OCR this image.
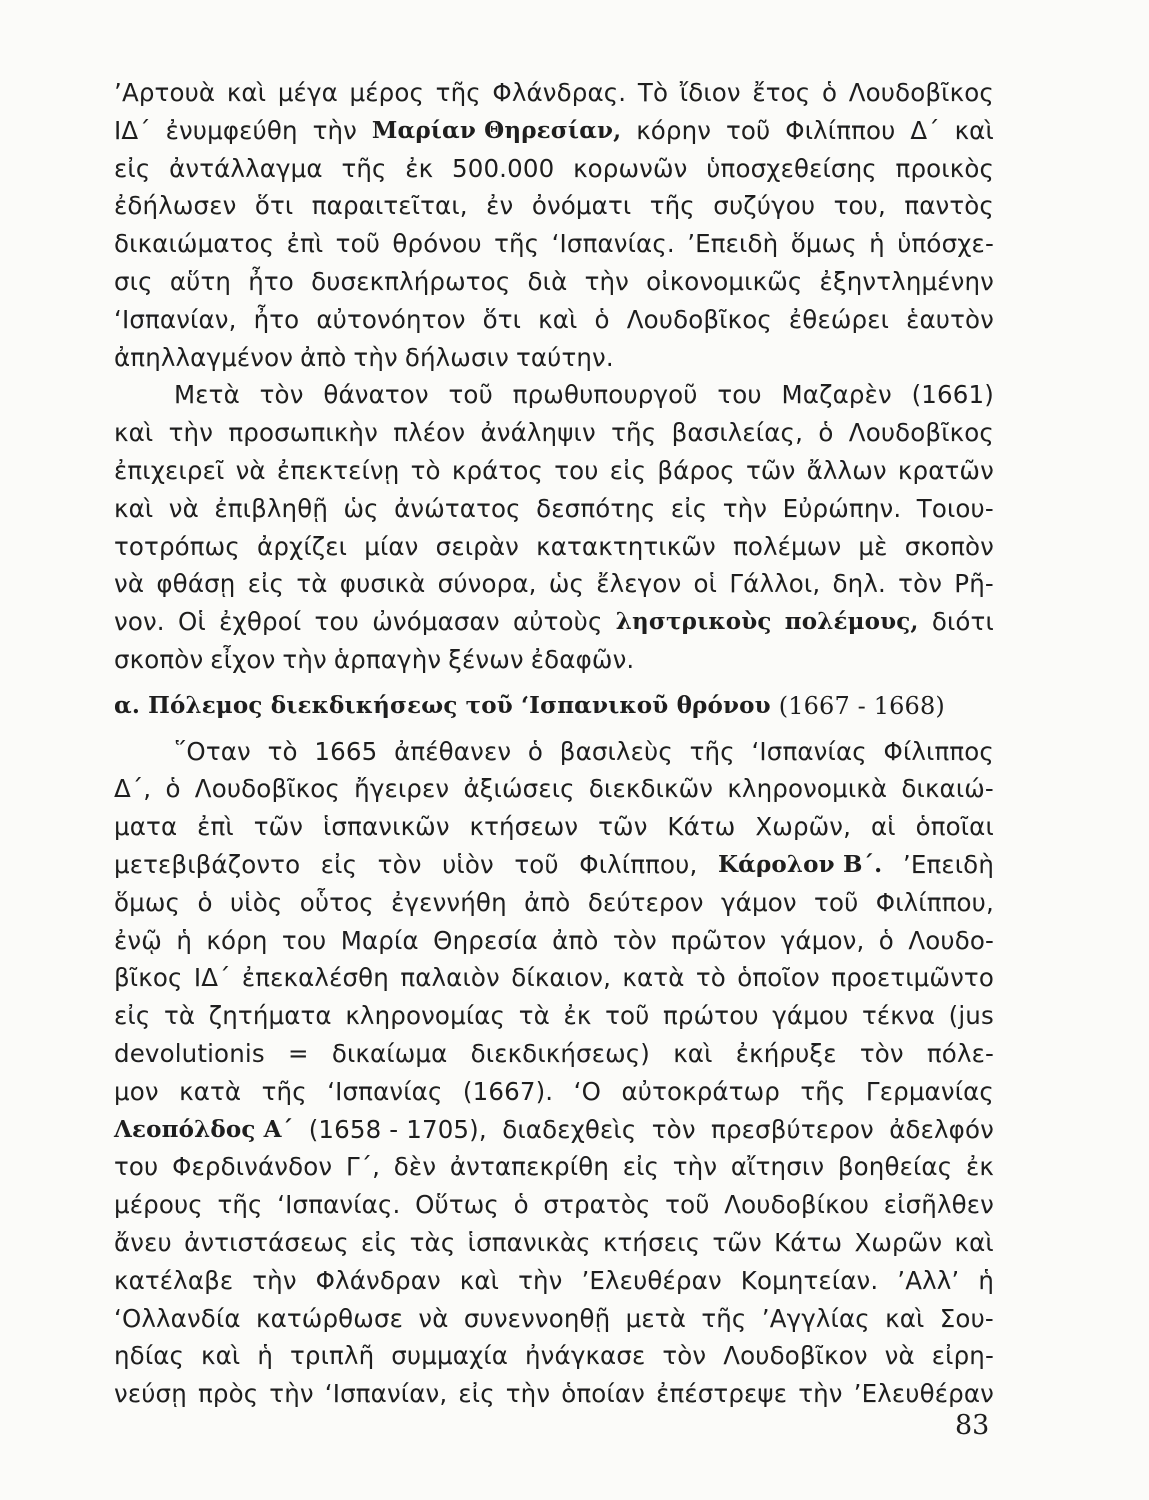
’Αρτουὰ καὶ μέγα μέρος τῆς Φλάνδρας. Τὸ ἴδιον ἔτος ὁ Λουδοβῖκος
ΙΔ΄ ἐνυμφεύθη τὴν Μαρίαν Θηρεσίαν, κόρην τοῦ Φιλίππου Δ΄ καὶ
εἰς ἀντάλλαγμα τῆς ἐκ 500.000 κορωνῶν ὑποσχεθείσης προικὸς
ἐδήλωσεν ὅτι παραιτεῖται, ἐν ὀνόματι τῆς συζύγου του, παντὸς
δικαιώματος ἐπὶ τοῦ θρόνου τῆς ‘Ισπανίας. ’Επειδὴ ὅμως ἡ ὑπόσχε-
σις αὕτη ἦτο δυσεκπλήρωτος διὰ τὴν οἰκονομικῶς ἐξηντλημένην
‘Ισπανίαν, ἦτο αὐτονόητον ὅτι καὶ ὁ Λουδοβῖκος ἐθεώρει ἑαυτὸν
ἀπηλλαγμένον ἀπὸ τὴν δήλωσιν ταύτην.
Μετὰ τὸν θάνατον τοῦ πρωθυπουργοῦ του Μαζαρὲν (1661)
καὶ τὴν προσωπικὴν πλέον ἀνάληψιν τῆς βασιλείας, ὁ Λουδοβῖκος
ἐπιχειρεῖ νὰ ἐπεκτείνῃ τὸ κράτος του εἰς βάρος τῶν ἄλλων κρατῶν
καὶ νὰ ἐπιβληθῇ ὡς ἀνώτατος δεσπότης εἰς τὴν Εὐρώπην. Τοιου-
τοτρόπως ἀρχίζει μίαν σειρὰν κατακτητικῶν πολέμων μὲ σκοπὸν
νὰ φθάσῃ εἰς τὰ φυσικὰ σύνορα, ὡς ἔλεγον οἱ Γάλλοι, δηλ. τὸν Ρῆ-
νον. Οἱ ἐχθροί του ὠνόμασαν αὐτοὺς ληστρικοὺς πολέμους, διότι
σκοπὸν εἶχον τὴν ἁρπαγὴν ξένων ἐδαφῶν.
α. Πόλεμος διεκδικήσεως τοῦ ‘Ισπανικοῦ θρόνου (1667 - 1668)
῞Οταν τὸ 1665 ἀπέθανεν ὁ βασιλεὺς τῆς ‘Ισπανίας Φίλιππος
Δ΄, ὁ Λουδοβῖκος ἤγειρεν ἀξιώσεις διεκδικῶν κληρονομικὰ δικαιώ-
ματα ἐπὶ τῶν ἱσπανικῶν κτήσεων τῶν Κάτω Χωρῶν, αἱ ὁποῖαι
μετεβιβάζοντο εἰς τὸν υἱὸν τοῦ Φιλίππου, Κάρολον Β΄. ’Επειδὴ
ὅμως ὁ υἱὸς οὗτος ἐγεννήθη ἀπὸ δεύτερον γάμον τοῦ Φιλίππου,
ἐνῷ ἡ κόρη του Μαρία Θηρεσία ἀπὸ τὸν πρῶτον γάμον, ὁ Λουδο-
βῖκος ΙΔ΄ ἐπεκαλέσθη παλαιὸν δίκαιον, κατὰ τὸ ὁποῖον προετιμῶντο
εἰς τὰ ζητήματα κληρονομίας τὰ ἐκ τοῦ πρώτου γάμου τέκνα (jus
devolutionis = δικαίωμα διεκδικήσεως) καὶ ἐκήρυξε τὸν πόλε-
μον κατὰ τῆς ‘Ισπανίας (1667). ‘Ο αὐτοκράτωρ τῆς Γερμανίας
Λεοπόλδος Α΄ (1658 - 1705), διαδεχθεὶς τὸν πρεσβύτερον ἀδελφόν
του Φερδινάνδον Γ΄, δὲν ἀνταπεκρίθη εἰς τὴν αἴτησιν βοηθείας ἐκ
μέρους τῆς ‘Ισπανίας. Οὕτως ὁ στρατὸς τοῦ Λουδοβίκου εἰσῆλθεν
ἄνευ ἀντιστάσεως εἰς τὰς ἱσπανικὰς κτήσεις τῶν Κάτω Χωρῶν καὶ
κατέλαβε τὴν Φλάνδραν καὶ τὴν ’Ελευθέραν Κομητείαν. ’Αλλ’ ἡ
‘Ολλανδία κατώρθωσε νὰ συνεννοηθῇ μετὰ τῆς ’Αγγλίας καὶ Σου-
ηδίας καὶ ἡ τριπλῆ συμμαχία ἠνάγκασε τὸν Λουδοβῖκον νὰ εἰρη-
νεύσῃ πρὸς τὴν ‘Ισπανίαν, εἰς τὴν ὁποίαν ἐπέστρεψε τὴν ’Ελευθέραν
83
